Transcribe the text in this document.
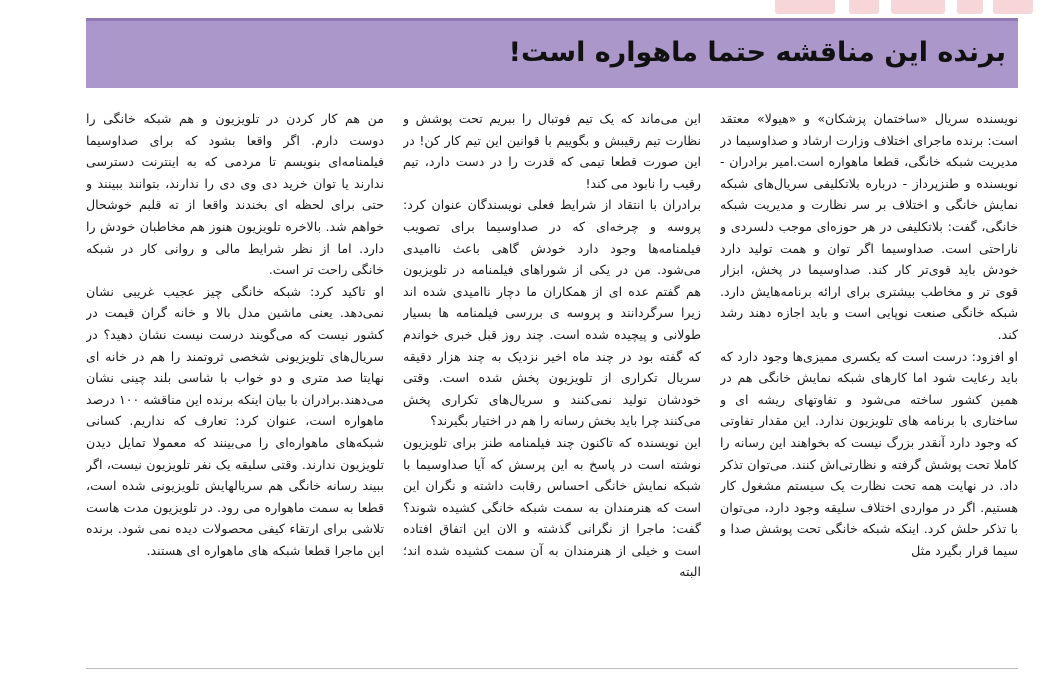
برنده این مناقشه حتما ماهواره است!

نویسنده سریال «ساختمان پزشکان» و «هیولا» معتقد است: برنده ماجرای اختلاف وزارت ارشاد و صداوسیما در مدیریت شبکه خانگی، قطعا ماهواره است.امیر برادران - نویسنده و طنزپرداز - درباره بلاتکلیفی سریال‌های شبکه نمایش خانگی و اختلاف بر سر نظارت و مدیریت شبکه خانگی، گفت: بلاتکلیفی در هر حوزه‌ای موجب دلسردی و ناراحتی است. صداوسیما اگر توان و همت تولید دارد خودش باید قوی‌تر کار کند. صداوسیما در پخش، ابزار قوی تر و مخاطب بیشتری برای ارائه برنامه‌هایش دارد. شبکه خانگی صنعت نوپایی است و باید اجازه دهند رشد کند.

او افزود: درست است که یکسری ممیزی‌ها وجود دارد که باید رعایت شود اما کارهای شبکه نمایش خانگی هم در همین کشور ساخته می‌شود و تفاوتهای ریشه ای و ساختاری با برنامه های تلویزیون ندارد. این مقدار تفاوتی که وجود دارد آنقدر بزرگ نیست که بخواهند این رسانه را کاملا تحت پوشش گرفته و نظارتی‌اش کنند. می‌توان تذکر داد. در نهایت همه تحت نظارت یک سیستم مشغول کار هستیم. اگر در مواردی اختلاف سلیقه وجود دارد، می‌توان با تذکر حلش کرد. اینکه شبکه خانگی تحت پوشش صدا و سیما قرار بگیرد مثل

این می‌ماند که یک تیم فوتبال را ببریم تحت پوشش و نظارت تیم رقیبش و بگوییم با قوانین این تیم کار کن! در این صورت قطعا تیمی که قدرت را در دست دارد، تیم رقیب را نابود می کند!

برادران با انتقاد از شرایط فعلی نویسندگان عنوان کرد: پروسه و چرخه‌ای که در صداوسیما برای تصویب فیلمنامه‌ها وجود دارد خودش گاهی باعث ناامیدی می‌شود. من در یکی از شوراهای فیلمنامه در تلویزیون هم گفتم عده ای از همکاران ما دچار ناامیدی شده اند زیرا سرگردانند و پروسه ی بررسی فیلمنامه ها بسیار طولانی و پیچیده شده است. چند روز قبل خبری خواندم که گفته بود در چند ماه اخیر نزدیک به چند هزار دقیقه سریال تکراری از تلویزیون پخش شده است. وقتی خودشان تولید نمی‌کنند و سریال‌های تکراری پخش می‌کنند چرا باید بخش رسانه را هم در اختیار بگیرند؟

این نویسنده که تاکنون چند فیلمنامه طنز برای تلویزیون نوشته است در پاسخ به این پرسش که آیا صداوسیما با شبکه نمایش خانگی احساس رقابت داشته و نگران این است که هنرمندان به سمت شبکه خانگی کشیده شوند؟ گفت: ماجرا از نگرانی گذشته و الان این اتفاق افتاده است و خیلی از هنرمندان به آن سمت کشیده شده اند؛ البته

من هم کار کردن در تلویزیون و هم شبکه خانگی را دوست دارم. اگر واقعا بشود که برای صداوسیما فیلمنامه‌ای بنویسم تا مردمی که به اینترنت دسترسی ندارند یا توان خرید دی وی دی را ندارند، بتوانند ببینند و حتی برای لحظه ای بخندند واقعا از ته قلبم خوشحال خواهم شد. بالاخره تلویزیون هنوز هم مخاطبان خودش را دارد. اما از نظر شرایط مالی و روانی کار در شبکه خانگی راحت تر است.

او تاکید کرد: شبکه خانگی چیز عجیب غریبی نشان نمی‌دهد. یعنی ماشین مدل بالا و خانه گران قیمت در کشور نیست که می‌گویند درست نیست نشان دهید؟ در سریال‌های تلویزیونی شخصی ثروتمند را هم در خانه ای نهایتا صد متری و دو خواب با شاسی بلند چینی نشان می‌دهند.برادران با بیان اینکه برنده این مناقشه ۱۰۰ درصد ماهواره است، عنوان کرد: تعارف که نداریم. کسانی شبکه‌های ماهواره‌ای را می‌بینند که معمولا تمایل دیدن تلویزیون ندارند. وقتی سلیقه یک نفر تلویزیون نیست، اگر ببیند رسانه خانگی هم سریالهایش تلویزیونی شده است، قطعا به سمت ماهواره می رود. در تلویزیون مدت هاست تلاشی برای ارتقاء کیفی محصولات دیده نمی شود. برنده این ماجرا قطعا شبکه های ماهواره ای هستند.
